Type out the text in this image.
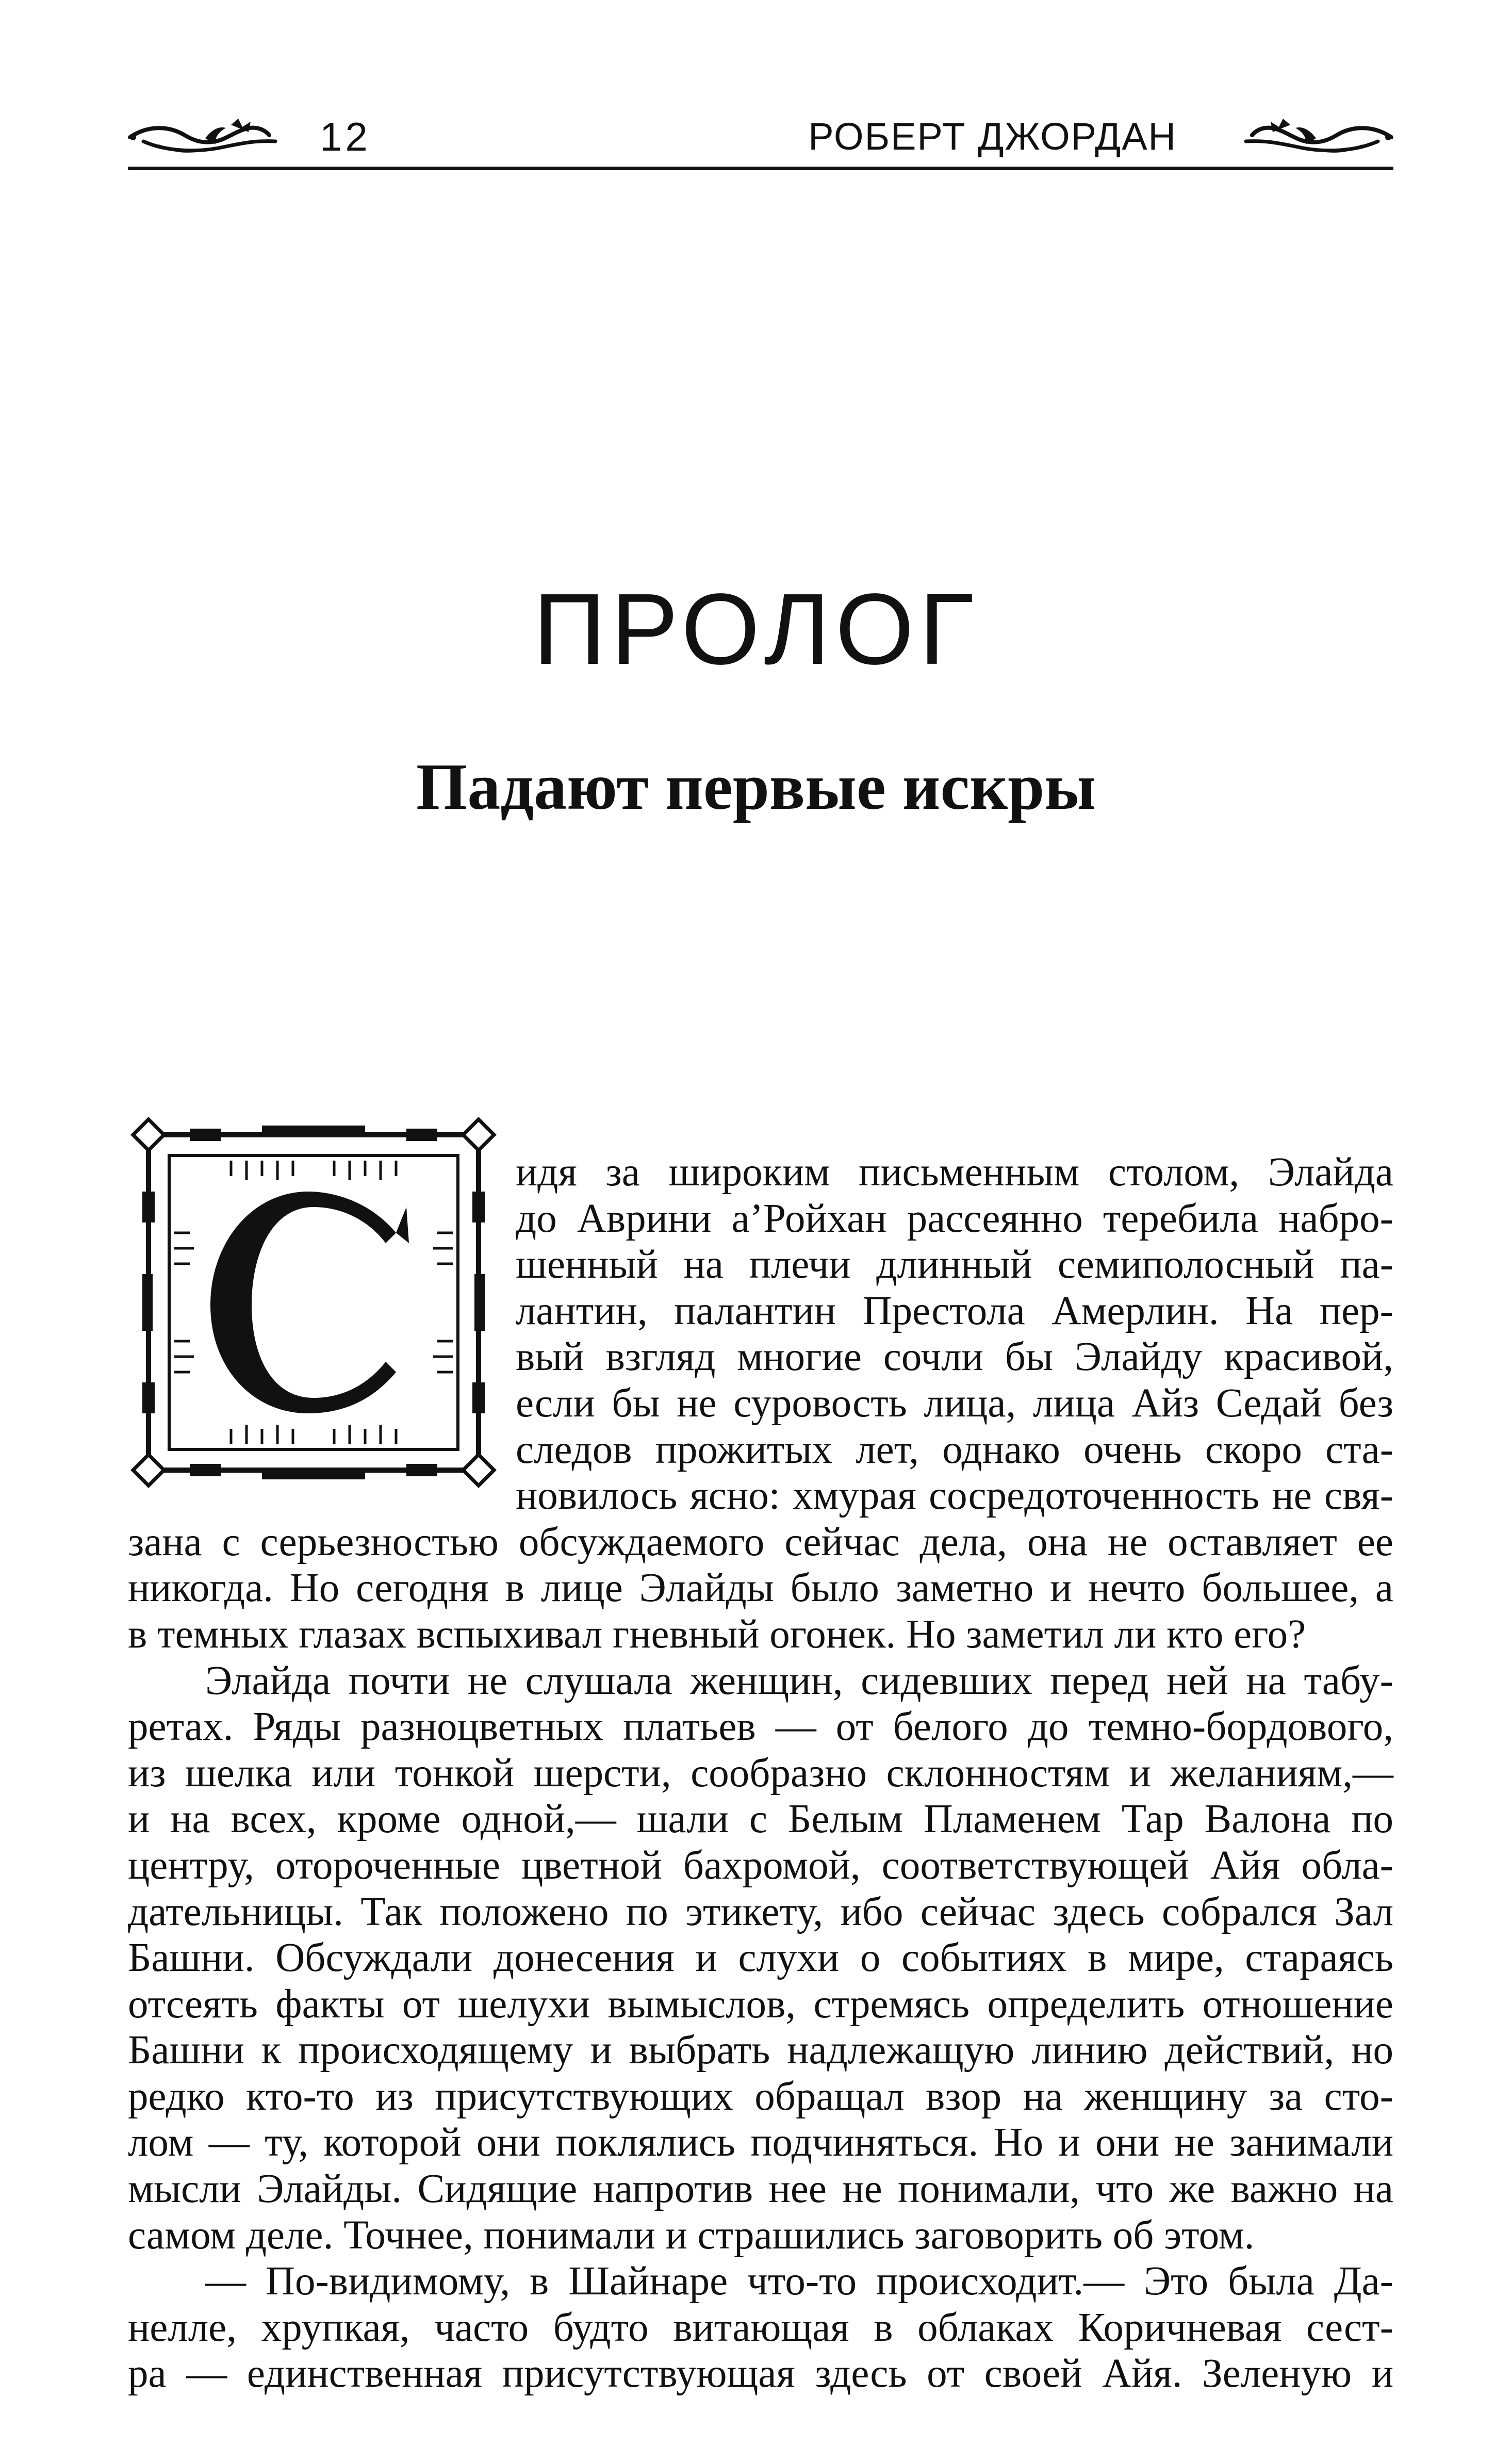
12	РОБЕРТ ДЖОРДАН
ПРОЛОГ
Падают первые искры
идя за широким письменным столом, Элайда
до Аврини а’Ройхан рассеянно теребила набро-
шенный на плечи длинный семиполосный па-
лантин, палантин Престола Амерлин. На пер-
вый взгляд многие сочли бы Элайду красивой,
если бы не суровость лица, лица Айз Седай без
следов прожитых лет, однако очень скоро ста-
новилось ясно: хмурая сосредоточенность не свя-
зана с серьезностью обсуждаемого сейчас дела, она не оставляет ее
никогда. Но сегодня в лице Элайды было заметно и нечто большее, а
в темных глазах вспыхивал гневный огонек. Но заметил ли кто его?
Элайда почти не слушала женщин, сидевших перед ней на табу-
ретах. Ряды разноцветных платьев — от белого до темно-бордового,
из шелка или тонкой шерсти, сообразно склонностям и желаниям,—
и на всех, кроме одной,— шали с Белым Пламенем Тар Валона по
центру, отороченные цветной бахромой, соответствующей Айя обла-
дательницы. Так положено по этикету, ибо сейчас здесь собрался Зал
Башни. Обсуждали донесения и слухи о событиях в мире, стараясь
отсеять факты от шелухи вымыслов, стремясь определить отношение
Башни к происходящему и выбрать надлежащую линию действий, но
редко кто-то из присутствующих обращал взор на женщину за сто-
лом — ту, которой они поклялись подчиняться. Но и они не занимали
мысли Элайды. Сидящие напротив нее не понимали, что же важно на
самом деле. Точнее, понимали и страшились заговорить об этом.
— По-видимому, в Шайнаре что-то происходит.— Это была Да-
нелле, хрупкая, часто будто витающая в облаках Коричневая сест-
ра — единственная присутствующая здесь от своей Айя. Зеленую и
